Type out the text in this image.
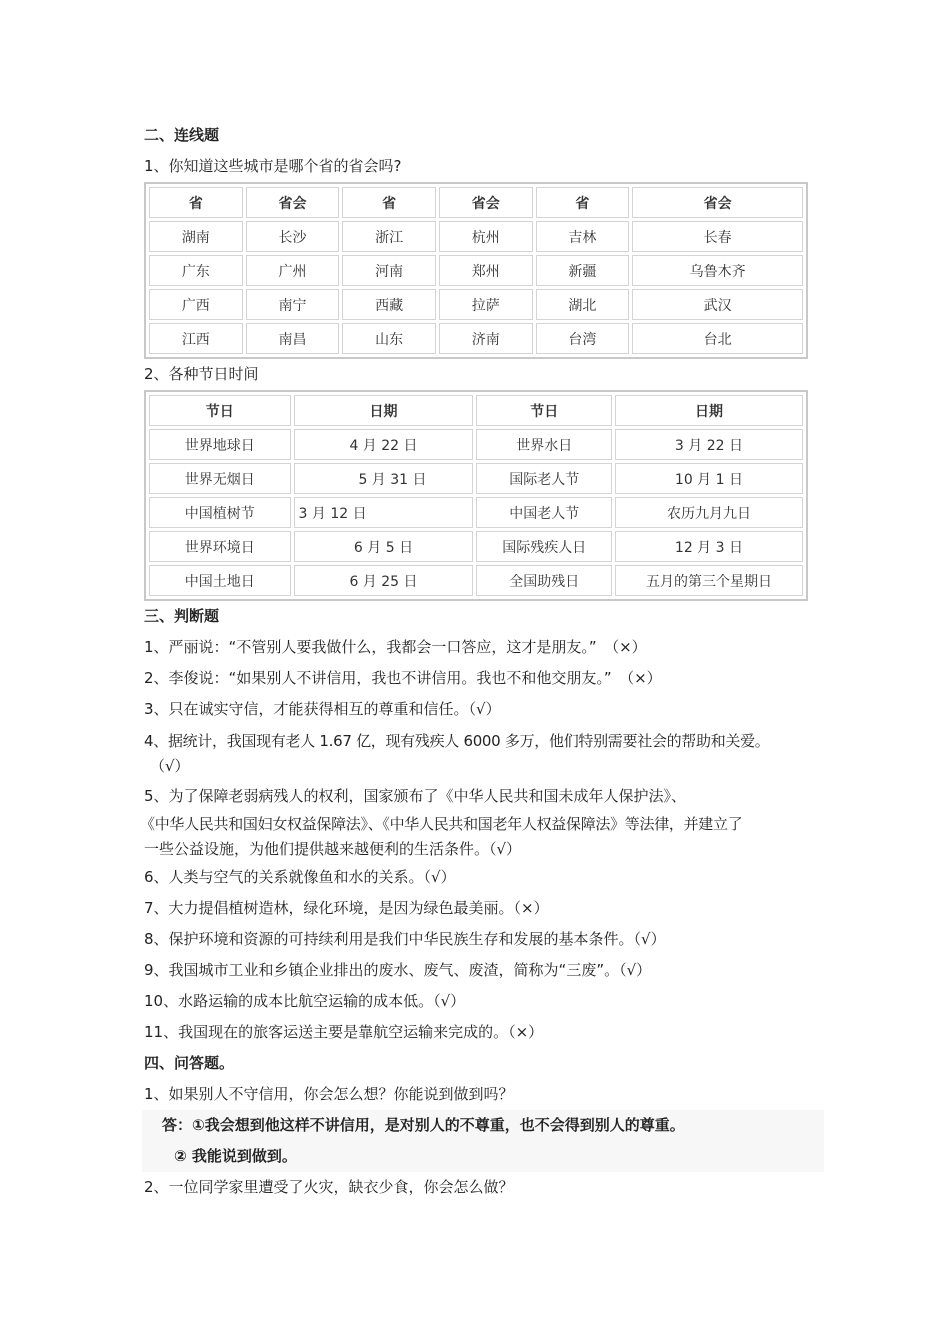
二、连线题
1、你知道这些城市是哪个省的省会吗?
省	省会	省	省会	省	省会
湖南	长沙	浙江	杭州	吉林	长春
广东	广州	河南	郑州	新疆	乌鲁木齐
广西	南宁	西藏	拉萨	湖北	武汉
江西	南昌	山东	济南	台湾	台北
2、各种节日时间
节日	日期	节日	日期
世界地球日	4 月 22 日	世界水日	3 月 22 日
世界无烟日	5 月 31 日	国际老人节	10 月 1 日
中国植树节	3 月 12 日	中国老人节	农历九月九日
世界环境日	6 月 5 日	国际残疾人日	12 月 3 日
中国土地日	6 月 25 日	全国助残日	五月的第三个星期日
三、判断题
1、严丽说：“不管别人要我做什么，我都会一口答应，这才是朋友。”　（×）
2、李俊说：“如果别人不讲信用，我也不讲信用。我也不和他交朋友。”　（×）
3、只在诚实守信，才能获得相互的尊重和信任。（√）
4、据统计，我国现有老人 1.67 亿，现有残疾人 6000 多万，他们特别需要社会的帮助和关爱。
（√）
5、为了保障老弱病残人的权利，国家颁布了《中华人民共和国未成年人保护法》、
《中华人民共和国妇女权益保障法》、《中华人民共和国老年人权益保障法》等法律，并建立了
一些公益设施，为他们提供越来越便利的生活条件。（√）
6、人类与空气的关系就像鱼和水的关系。（√）
7、大力提倡植树造林，绿化环境，是因为绿色最美丽。（×）
8、保护环境和资源的可持续利用是我们中华民族生存和发展的基本条件。（√）
9、我国城市工业和乡镇企业排出的废水、废气、废渣，简称为“三废”。（√）
10、水路运输的成本比航空运输的成本低。（√）
11、我国现在的旅客运送主要是靠航空运输来完成的。（×）
四、问答题。
1、如果别人不守信用，你会怎么想？你能说到做到吗？
答：①我会想到他这样不讲信用，是对别人的不尊重，也不会得到别人的尊重。
② 我能说到做到。
2、一位同学家里遭受了火灾，缺衣少食，你会怎么做？
